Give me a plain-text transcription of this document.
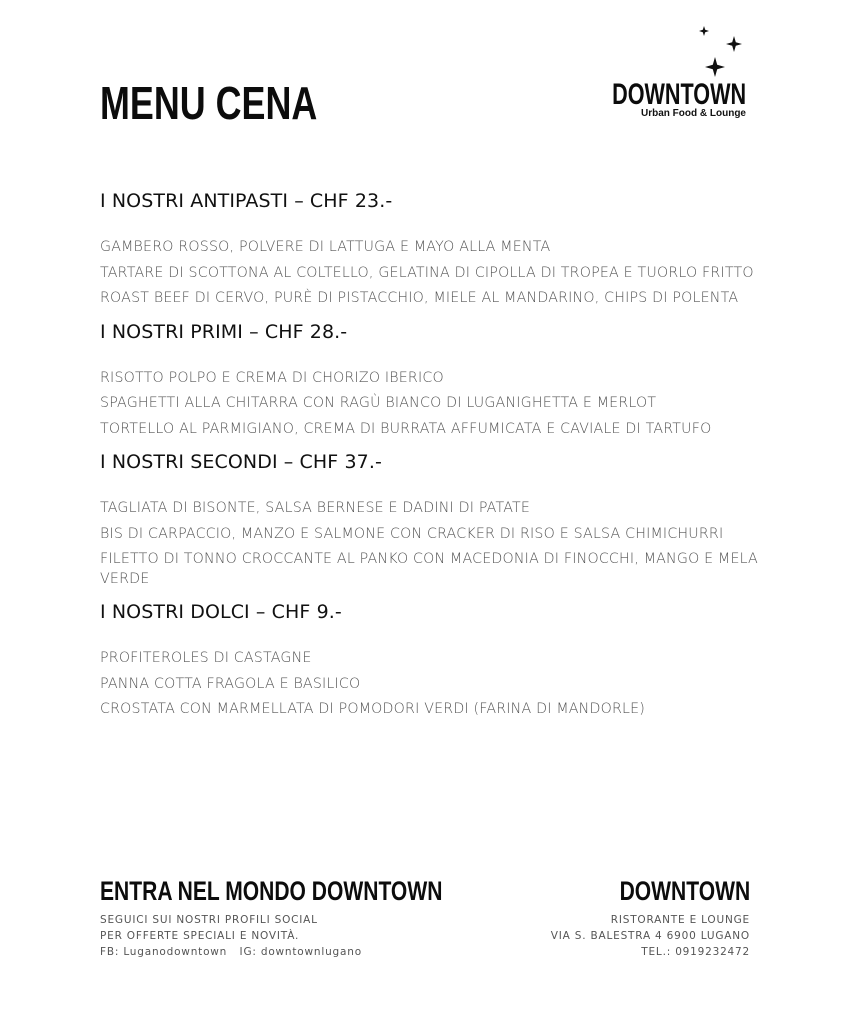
MENU CENA	DOWNTOWN
Urban Food & Lounge
I NOSTRI ANTIPASTI – CHF 23.-
GAMBERO ROSSO, POLVERE DI LATTUGA E MAYO ALLA MENTA
TARTARE DI SCOTTONA AL COLTELLO, GELATINA DI CIPOLLA DI TROPEA E TUORLO FRITTO
ROAST BEEF DI CERVO, PURÈ DI PISTACCHIO, MIELE AL MANDARINO, CHIPS DI POLENTA
I NOSTRI PRIMI – CHF 28.-
RISOTTO POLPO E CREMA DI CHORIZO IBERICO
SPAGHETTI ALLA CHITARRA CON RAGÙ BIANCO DI LUGANIGHETTA E MERLOT
TORTELLO AL PARMIGIANO, CREMA DI BURRATA AFFUMICATA E CAVIALE DI TARTUFO
I NOSTRI SECONDI – CHF 37.-
TAGLIATA DI BISONTE, SALSA BERNESE E DADINI DI PATATE
BIS DI CARPACCIO, MANZO E SALMONE CON CRACKER DI RISO E SALSA CHIMICHURRI
FILETTO DI TONNO CROCCANTE AL PANKO CON MACEDONIA DI FINOCCHI, MANGO E MELA VERDE
I NOSTRI DOLCI – CHF 9.-
PROFITEROLES DI CASTAGNE
PANNA COTTA FRAGOLA E BASILICO
CROSTATA CON MARMELLATA DI POMODORI VERDI (FARINA DI MANDORLE)
ENTRA NEL MONDO DOWNTOWN
SEGUICI SUI NOSTRI PROFILI SOCIAL
PER OFFERTE SPECIALI E NOVITÀ.
FB: Luganodowntown   IG: downtownlugano
DOWNTOWN
RISTORANTE E LOUNGE
VIA S. BALESTRA 4 6900 LUGANO
TEL.: 0919232472
